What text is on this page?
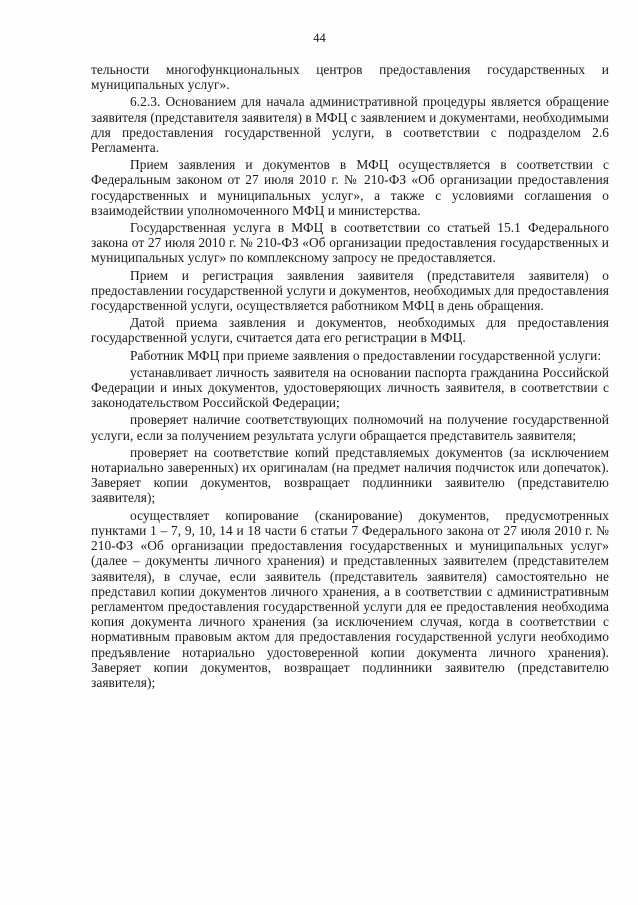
44

тельности многофункциональных центров предоставления государственных и муниципальных услуг».

6.2.3. Основанием для начала административной процедуры является обращение заявителя (представителя заявителя) в МФЦ с заявлением и документами, необходимыми для предоставления государственной услуги, в соответствии с подразделом 2.6 Регламента.

Прием заявления и документов в МФЦ осуществляется в соответствии с Федеральным законом от 27 июля 2010 г. № 210-ФЗ «Об организации предоставления государственных и муниципальных услуг», а также с условиями соглашения о взаимодействии уполномоченного МФЦ и министерства.

Государственная услуга в МФЦ в соответствии со статьей 15.1 Федерального закона от 27 июля 2010 г. № 210-ФЗ «Об организации предоставления государственных и муниципальных услуг» по комплексному запросу не предоставляется.

Прием и регистрация заявления заявителя (представителя заявителя) о предоставлении государственной услуги и документов, необходимых для предоставления государственной услуги, осуществляется работником МФЦ в день обращения.

Датой приема заявления и документов, необходимых для предоставления государственной услуги, считается дата его регистрации в МФЦ.

Работник МФЦ при приеме заявления о предоставлении государственной услуги:

устанавливает личность заявителя на основании паспорта гражданина Российской Федерации и иных документов, удостоверяющих личность заявителя, в соответствии с законодательством Российской Федерации;

проверяет наличие соответствующих полномочий на получение государственной услуги, если за получением результата услуги обращается представитель заявителя;

проверяет на соответствие копий представляемых документов (за исключением нотариально заверенных) их оригиналам (на предмет наличия подчисток или допечаток). Заверяет копии документов, возвращает подлинники заявителю (представителю заявителя);

осуществляет копирование (сканирование) документов, предусмотренных пунктами 1 – 7, 9, 10, 14 и 18 части 6 статьи 7 Федерального закона от 27 июля 2010 г. № 210-ФЗ «Об организации предоставления государственных и муниципальных услуг» (далее – документы личного хранения) и представленных заявителем (представителем заявителя), в случае, если заявитель (представитель заявителя) самостоятельно не представил копии документов личного хранения, а в соответствии с административным регламентом предоставления государственной услуги для ее предоставления необходима копия документа личного хранения (за исключением случая, когда в соответствии с нормативным правовым актом для предоставления государственной услуги необходимо предъявление нотариально удостоверенной копии документа личного хранения). Заверяет копии документов, возвращает подлинники заявителю (представителю заявителя);
